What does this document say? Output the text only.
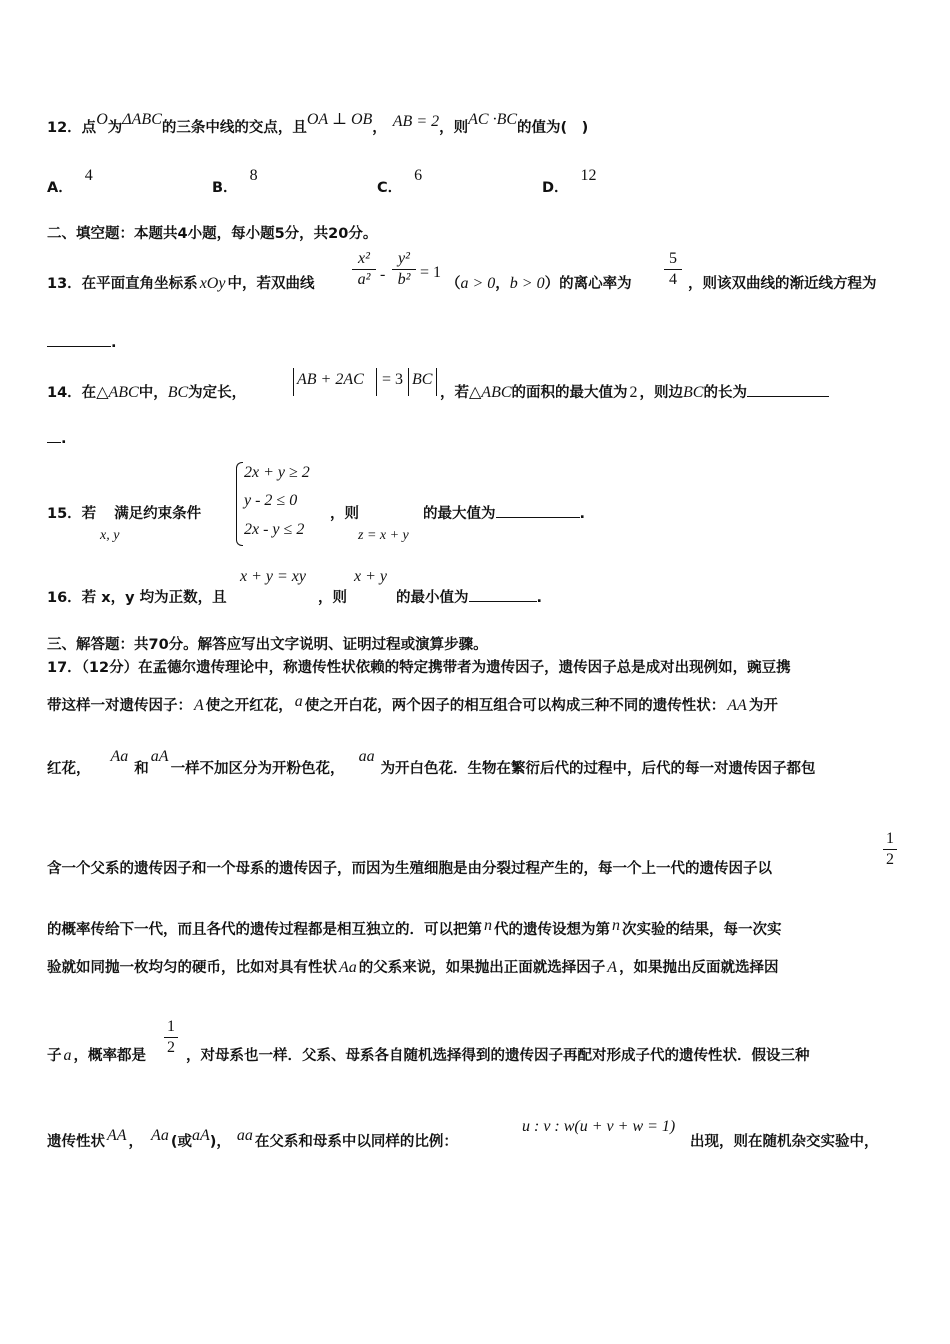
12．点O为ΔABC的三条中线的交点，且OA ⊥ OB， AB = 2，则AC ·BC的值为(　)
A．4
B．8
C．6
D．12
二、填空题：本题共4小题，每小题5分，共20分。
13．在平面直角坐标系 xOy 中，若双曲线
x²
a² -
y²
b² = 1
（a > 0，b > 0）的离心率为
5
4 ，则该双曲线的渐近线方程为
.
14．在△ABC中，BC为定长，
AB + 2AC = 3 BC
，若△ABC的面积的最大值为 2 ，则边BC的长为
.
15．若 满足约束条件
x, y
2x + y ≥ 2
y - 2 ≤ 0
2x - y ≤ 2
，则
z = x + y
的最大值为	.
16．若 x，y 均为正数，且
x + y = xy
，则
x + y
的最小值为	.
三、解答题：共70分。解答应写出文字说明、证明过程或演算步骤。
17．（12分）在孟德尔遗传理论中，称遗传性状依赖的特定携带者为遗传因子，遗传因子总是成对出现例如，豌豆携
带这样一对遗传因子： A 使之开红花， a 使之开白花，两个因子的相互组合可以构成三种不同的遗传性状： AA 为开
红花，Aa和aA一样不加区分为开粉色花，aa为开白色花．生物在繁衍后代的过程中，后代的每一对遗传因子都包
含一个父系的遗传因子和一个母系的遗传因子，而因为生殖细胞是由分裂过程产生的，每一个上一代的遗传因子以
1
2
的概率传给下一代，而且各代的遗传过程都是相互独立的．可以把第 n 代的遗传设想为第 n 次实验的结果，每一次实
验就如同抛一枚均匀的硬币，比如对具有性状 Aa 的父系来说，如果抛出正面就选择因子 A ，如果抛出反面就选择因
子 a ，概率都是
1
2 ，对母系也一样．父系、母系各自随机选择得到的遗传因子再配对形成子代的遗传性状．假设三种
遗传性状 AA ， Aa (或aA)， aa 在父系和母系中以同样的比例：
u : v : w(u + v + w = 1)
出现，则在随机杂交实验中，
